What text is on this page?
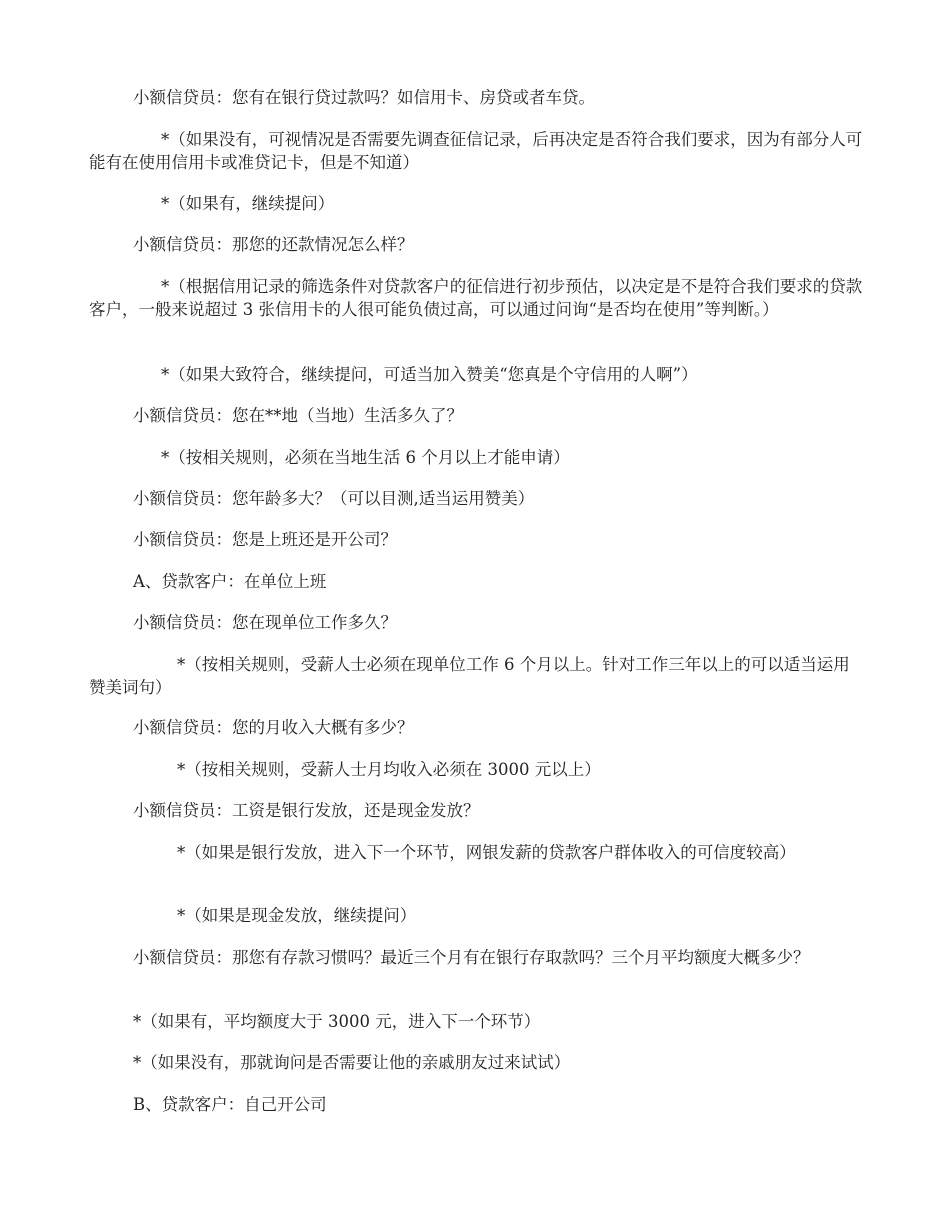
小额信贷员：您有在银行贷过款吗？如信用卡、房贷或者车贷。

*（如果没有，可视情况是否需要先调查征信记录，后再决定是否符合我们要求，因为有部分人可能有在使用信用卡或准贷记卡，但是不知道）

*（如果有，继续提问）

小额信贷员：那您的还款情况怎么样？

*（根据信用记录的筛选条件对贷款客户的征信进行初步预估，以决定是不是符合我们要求的贷款客户，一般来说超过 3 张信用卡的人很可能负债过高，可以通过问询“是否均在使用”等判断。）

*（如果大致符合，继续提问，可适当加入赞美“您真是个守信用的人啊”）

小额信贷员：您在**地（当地）生活多久了？

*（按相关规则，必须在当地生活 6 个月以上才能申请）

小额信贷员：您年龄多大？（可以目测,适当运用赞美）

小额信贷员：您是上班还是开公司？

A、贷款客户：在单位上班

小额信贷员：您在现单位工作多久？

*（按相关规则，受薪人士必须在现单位工作 6 个月以上。针对工作三年以上的可以适当运用赞美词句）

小额信贷员：您的月收入大概有多少？

*（按相关规则，受薪人士月均收入必须在 3000 元以上）

小额信贷员：工资是银行发放，还是现金发放？

*（如果是银行发放，进入下一个环节，网银发薪的贷款客户群体收入的可信度较高）

*（如果是现金发放，继续提问）

小额信贷员：那您有存款习惯吗？最近三个月有在银行存取款吗？三个月平均额度大概多少？

*（如果有，平均额度大于 3000 元，进入下一个环节）

*（如果没有，那就询问是否需要让他的亲戚朋友过来试试）

B、贷款客户：自己开公司
